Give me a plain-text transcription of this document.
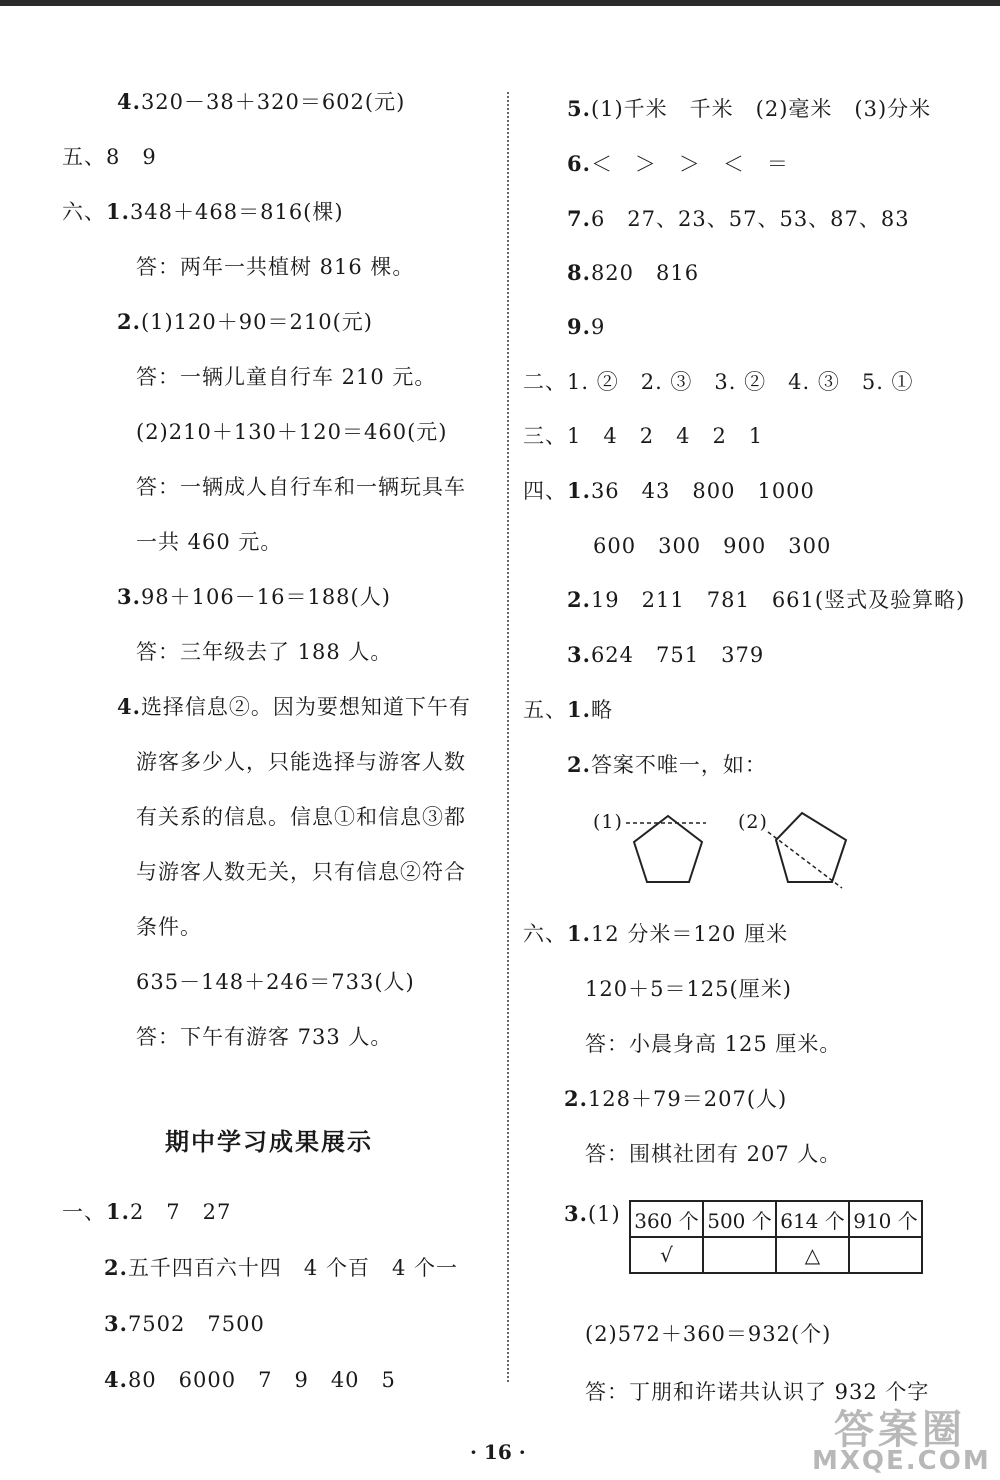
4.320－38＋320＝602(元)
五、8　9
六、1.348＋468＝816(棵)
答：两年一共植树 816 棵。
2.(1)120＋90＝210(元)
答：一辆儿童自行车 210 元。
(2)210＋130＋120＝460(元)
答：一辆成人自行车和一辆玩具车
一共 460 元。
3.98＋106－16＝188(人)
答：三年级去了 188 人。
4.选择信息②。因为要想知道下午有
游客多少人，只能选择与游客人数
有关系的信息。信息①和信息③都
与游客人数无关，只有信息②符合
条件。
635－148＋246＝733(人)
答：下午有游客 733 人。
期中学习成果展示
一、1.2　7　27
2.五千四百六十四　4 个百　4 个一
3.7502　7500
4.80　6000　7　9　40　5
5.(1)千米　千米　(2)毫米　(3)分米
6.＜　＞　＞　＜　＝
7.6　27、23、57、53、87、83
8.820　816
9.9
二、1. ②　2. ③　3. ②　4. ③　5. ①
三、1　4　2　4　2　1
四、1.36　43　800　1000
600　300　900　300
2.19　211　781　661(竖式及验算略)
3.624　751　379
五、1.略
2.答案不唯一，如：
(1)	(2)
六、1.12 分米＝120 厘米
120＋5＝125(厘米)
答：小晨身高 125 厘米。
2.128＋79＝207(人)
答：围棋社团有 207 人。
3.(1) 360 个	500 个	614 个	910 个
√		△	
(2)572＋360＝932(个)
答：丁朋和许诺共认识了 932 个字
· 16 ·	答案圈
MXQE.COM
